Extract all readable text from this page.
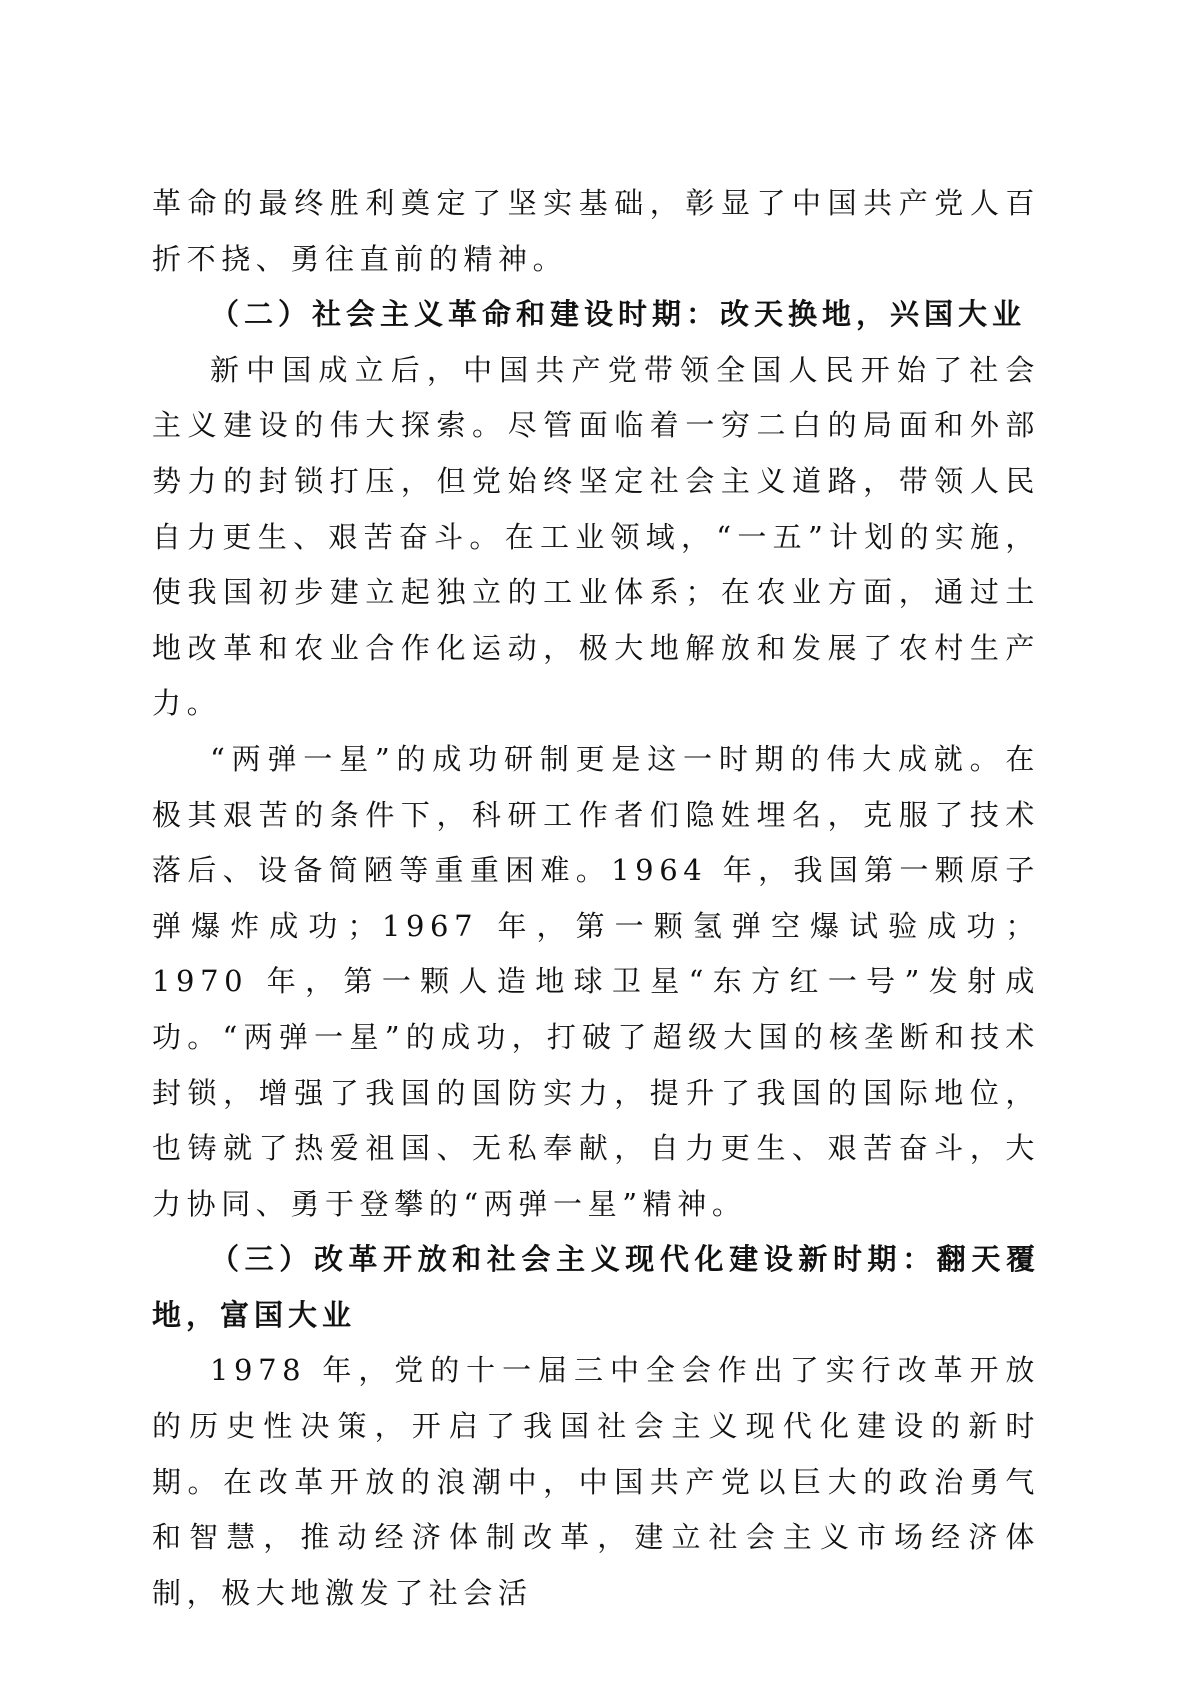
革命的最终胜利奠定了坚实基础，彰显了中国共产党人百折不挠、勇往直前的精神。

（二）社会主义革命和建设时期：改天换地，兴国大业

新中国成立后，中国共产党带领全国人民开始了社会主义建设的伟大探索。尽管面临着一穷二白的局面和外部势力的封锁打压，但党始终坚定社会主义道路，带领人民自力更生、艰苦奋斗。在工业领域，“一五”计划的实施，使我国初步建立起独立的工业体系；在农业方面，通过土地改革和农业合作化运动，极大地解放和发展了农村生产力。

“两弹一星”的成功研制更是这一时期的伟大成就。在极其艰苦的条件下，科研工作者们隐姓埋名，克服了技术落后、设备简陋等重重困难。1964 年，我国第一颗原子弹爆炸成功；1967 年，第一颗氢弹空爆试验成功；1970 年，第一颗人造地球卫星“东方红一号”发射成功。“两弹一星”的成功，打破了超级大国的核垄断和技术封锁，增强了我国的国防实力，提升了我国的国际地位，也铸就了热爱祖国、无私奉献，自力更生、艰苦奋斗，大力协同、勇于登攀的“两弹一星”精神。

（三）改革开放和社会主义现代化建设新时期：翻天覆地，富国大业

1978 年，党的十一届三中全会作出了实行改革开放的历史性决策，开启了我国社会主义现代化建设的新时期。在改革开放的浪潮中，中国共产党以巨大的政治勇气和智慧，推动经济体制改革，建立社会主义市场经济体制，极大地激发了社会活
